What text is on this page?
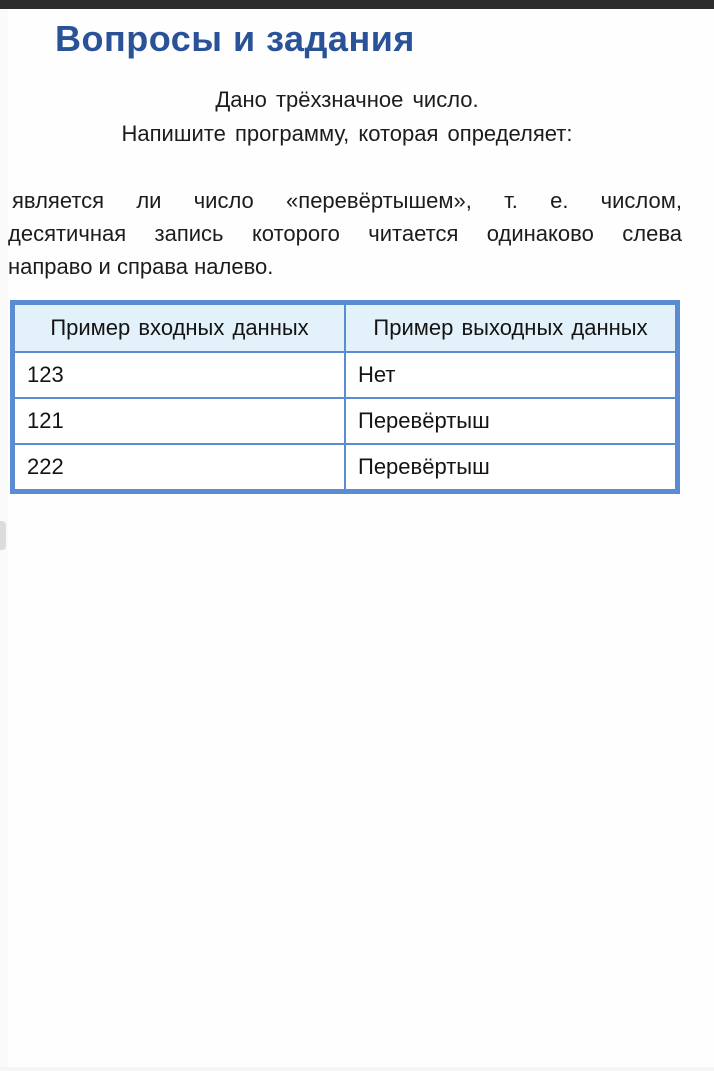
Вопросы и задания
Дано трёхзначное число.
Напишите программу, которая определяет:
является ли число «перевёртышем», т. е. числом,
десятичная запись которого читается одинаково слева
направо и справа налево.
Пример входных данных	Пример выходных данных
123	Нет
121	Перевёртыш
222	Перевёртыш
